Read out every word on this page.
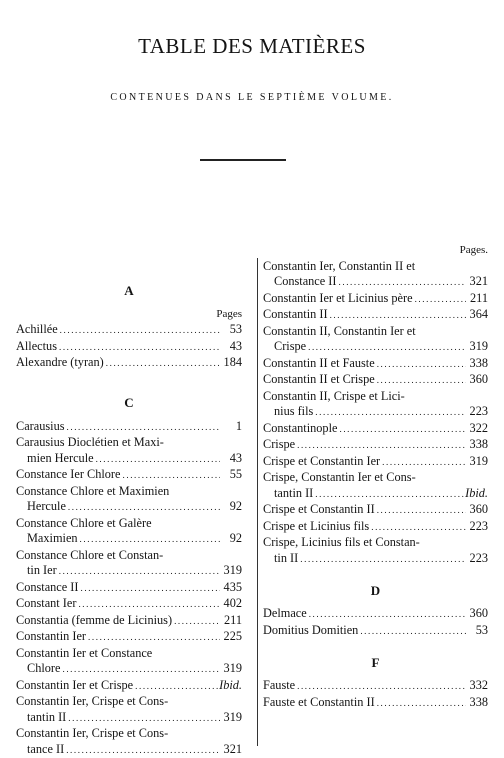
TABLE DES MATIÈRES
CONTENUES DANS LE SEPTIÈME VOLUME.
A
Pages
Achillée .....	53
Allectus .....	43
Alexandre (tyran) .....	184
C
Carausius .....	1
Carausius Dioclétien et Maxi-
mien Hercule .....	43
Constance Ier Chlore .....	55
Constance Chlore et Maximien
Hercule .....	92
Constance Chlore et Galère
Maximien .....	92
Constance Chlore et Constan-
tin Ier .....	319
Constance II .....	435
Constant Ier .....	402
Constantia (femme de Licinius) .....	211
Constantin Ier .....	225
Constantin Ier et Constance
Chlore .....	319
Constantin Ier et Crispe .....	Ibid.
Constantin Ier, Crispe et Cons-
tantin II .....	319
Constantin Ier, Crispe et Cons-
tance II .....	321
Pages.
Constantin Ier, Constantin II et
Constance II .....	321
Constantin Ier et Licinius père .....	211
Constantin II .....	364
Constantin II, Constantin Ier et
Crispe .....	319
Constantin II et Fauste .....	338
Constantin II et Crispe .....	360
Constantin II, Crispe et Lici-
nius fils .....	223
Constantinople .....	322
Crispe .....	338
Crispe et Constantin Ier .....	319
Crispe, Constantin Ier et Cons-
tantin II .....	Ibid.
Crispe et Constantin II .....	360
Crispe et Licinius fils .....	223
Crispe, Licinius fils et Constan-
tin II .....	223
D
Delmace .....	360
Domitius Domitien .....	53
F
Fauste .....	332
Fauste et Constantin II .....	338
